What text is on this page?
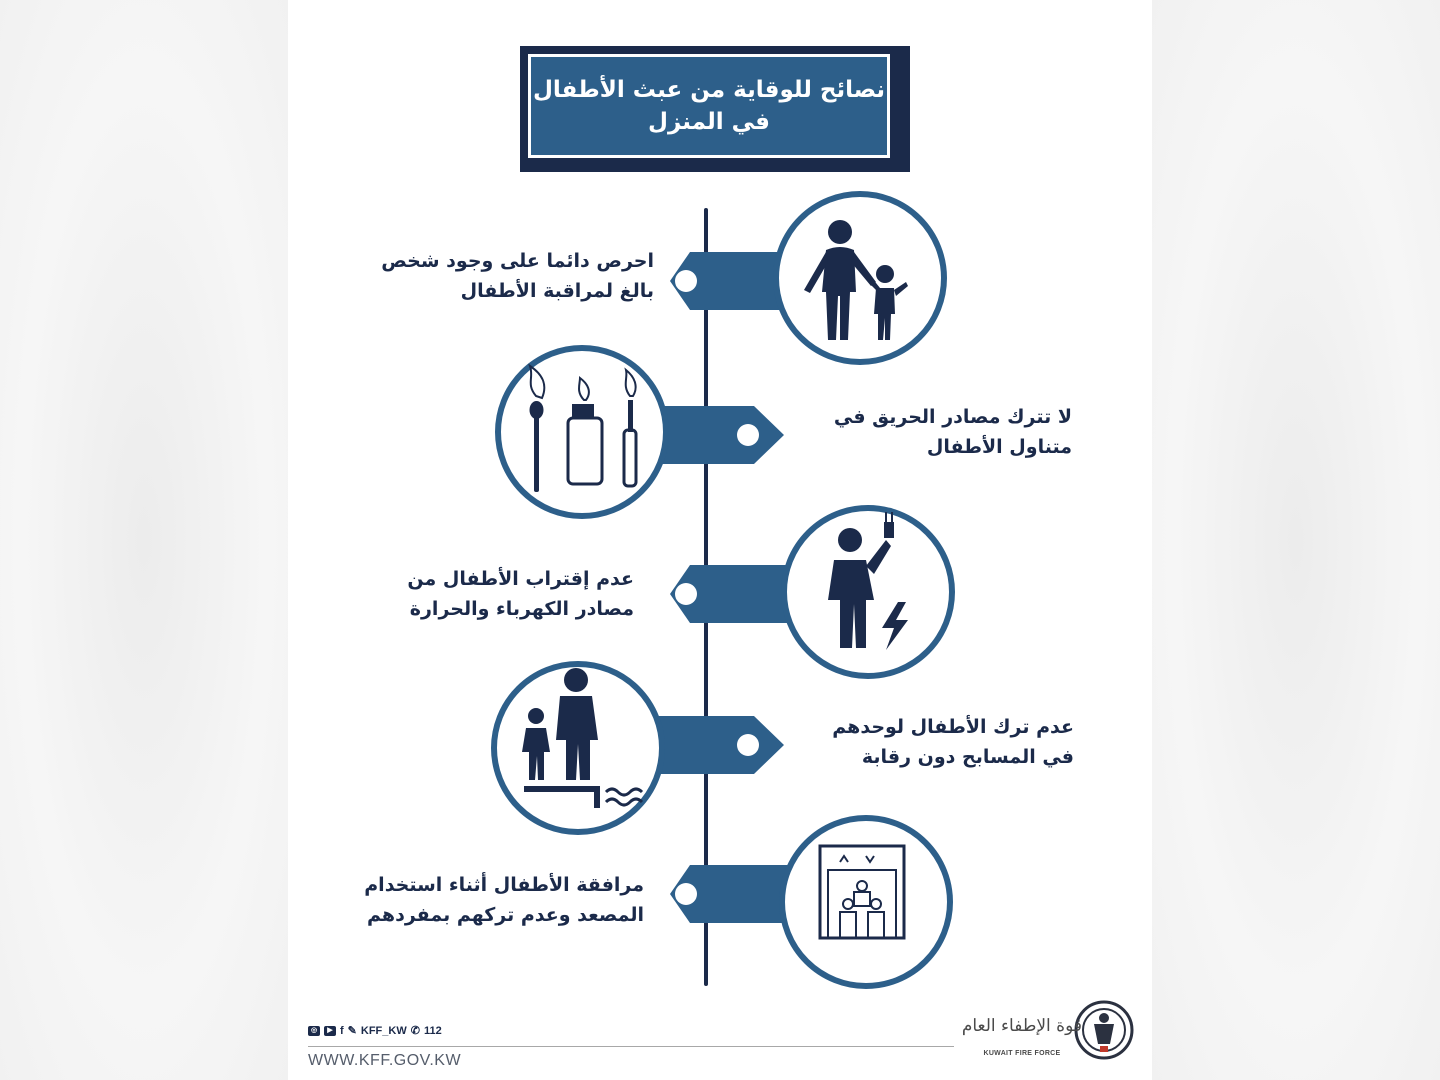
نصائح للوقاية من عبث الأطفال
في المنزل
احرص دائما على وجود شخص
بالغ لمراقبة الأطفال
لا تترك مصادر الحريق في
متناول الأطفال
عدم إقتراب الأطفال من
مصادر الكهرباء والحرارة
عدم ترك الأطفال لوحدهم
في المسابح دون رقابة
مرافقة الأطفال أثناء استخدام
المصعد وعدم تركهم بمفردهم
◎	▶ f ✎ KFF_KW ✆ 112
WWW.KFF.GOV.KW
قوة الإطفاء العام
KUWAIT FIRE FORCE
